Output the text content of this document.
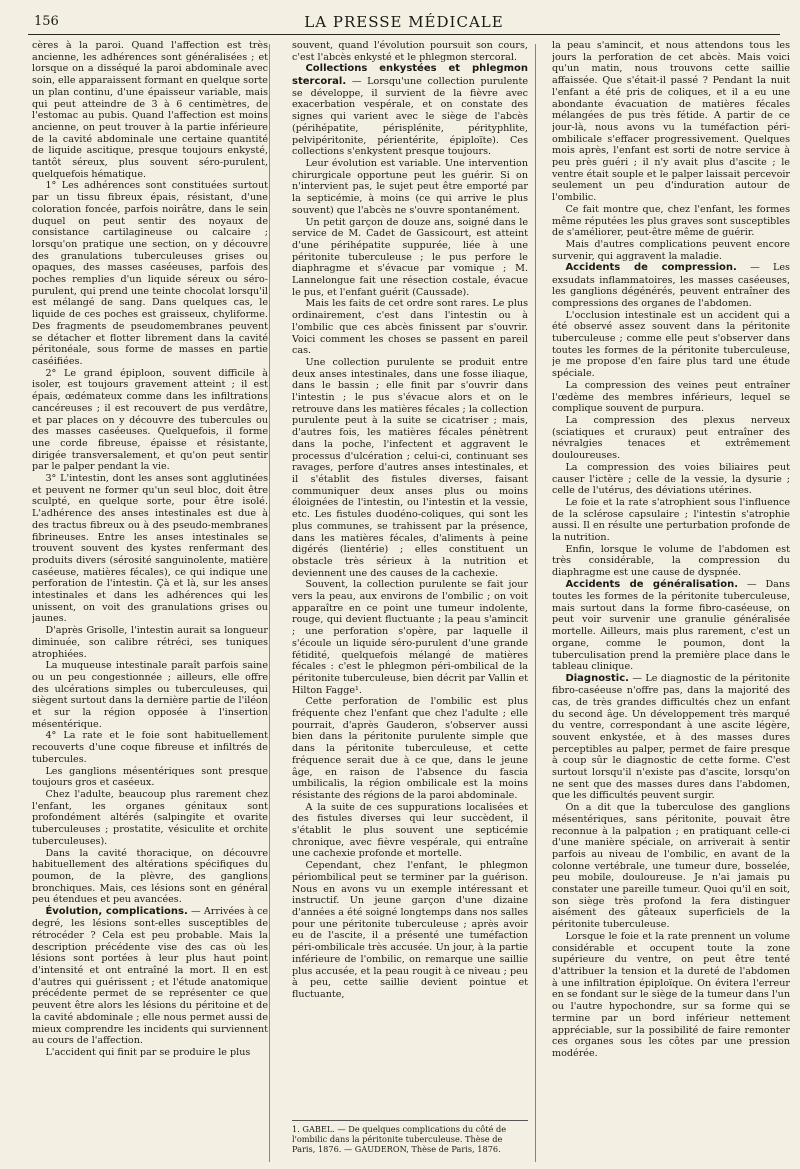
156	LA PRESSE MÉDICALE

cères à la paroi. Quand l'affection est très ancienne, les adhérences sont généralisées ; et lorsque on a disséqué la paroi abdominale avec soin, elle apparaissent formant en quelque sorte un plan continu, d'une épaisseur variable, mais qui peut atteindre de 3 à 6 centimètres, de l'estomac au pubis. Quand l'affection est moins ancienne, on peut trouver à la partie inférieure de la cavité abdominale une certaine quantité de liquide ascitique, presque toujours enkysté, tantôt séreux, plus souvent séro-purulent, quelquefois hématique.

1° Les adhérences sont constituées surtout par un tissu fibreux épais, résistant, d'une coloration foncée, parfois noirâtre, dans le sein duquel on peut sentir des noyaux de consistance cartilagineuse ou calcaire ; lorsqu'on pratique une section, on y découvre des granulations tuberculeuses grises ou opaques, des masses caséeuses, parfois des poches remplies d'un liquide séreux ou séro-purulent, qui prend une teinte chocolat lorsqu'il est mélangé de sang. Dans quelques cas, le liquide de ces poches est graisseux, chyliforme. Des fragments de pseudomembranes peuvent se détacher et flotter librement dans la cavité péritonéale, sous forme de masses en partie caséifiées.

2° Le grand épiploon, souvent difficile à isoler, est toujours gravement atteint ; il est épais, œdémateux comme dans les infiltrations cancéreuses ; il est recouvert de pus verdâtre, et par places on y découvre des tubercules ou des masses caséeuses. Quelquefois, il forme une corde fibreuse, épaisse et résistante, dirigée transversalement, et qu'on peut sentir par le palper pendant la vie.

3° L'intestin, dont les anses sont agglutinées et peuvent ne former qu'un seul bloc, doit être sculpté, en quelque sorte, pour être isolé. L'adhérence des anses intestinales est due à des tractus fibreux ou à des pseudo-membranes fibrineuses. Entre les anses intestinales se trouvent souvent des kystes renfermant des produits divers (sérosité sanguinolente, matière caséeuse, matières fécales), ce qui indique une perforation de l'intestin. Çà et là, sur les anses intestinales et dans les adhérences qui les unissent, on voit des granulations grises ou jaunes.

D'après Grisolle, l'intestin aurait sa longueur diminuée, son calibre rétréci, ses tuniques atrophiées.

La muqueuse intestinale paraît parfois saine ou un peu congestionnée ; ailleurs, elle offre des ulcérations simples ou tuberculeuses, qui siègent surtout dans la dernière partie de l'iléon et sur la région opposée à l'insertion mésentérique.

4° La rate et le foie sont habituellement recouverts d'une coque fibreuse et infiltrés de tubercules.

Les ganglions mésentériques sont presque toujours gros et caséeux.

Chez l'adulte, beaucoup plus rarement chez l'enfant, les organes génitaux sont profondément altérés (salpingite et ovarite tuberculeuses ; prostatite, vésiculite et orchite tuberculeuses).

Dans la cavité thoracique, on découvre habituellement des altérations spécifiques du poumon, de la plèvre, des ganglions bronchiques. Mais, ces lésions sont en général peu étendues et peu avancées.

Évolution, complications. — Arrivées à ce degré, les lésions sont-elles susceptibles de rétrocéder ? Cela est peu probable. Mais la description précédente vise des cas où les lésions sont portées à leur plus haut point d'intensité et ont entraîné la mort. Il en est d'autres qui guérissent ; et l'étude anatomique précédente permet de se représenter ce que peuvent être alors les lésions du péritoine et de la cavité abdominale ; elle nous permet aussi de mieux comprendre les incidents qui surviennent au cours de l'affection.

L'accident qui finit par se produire le plus

souvent, quand l'évolution poursuit son cours, c'est l'abcès enkysté et le phlegmon stercoral.

Collections enkystées et phlegmon stercoral. — Lorsqu'une collection purulente se développe, il survient de la fièvre avec exacerbation vespérale, et on constate des signes qui varient avec le siège de l'abcès (périhépatite, périsplénite, pérityphlite, pelvipéritonite, périentérite, épiploïte). Ces collections s'enkystent presque toujours.

Leur évolution est variable. Une intervention chirurgicale opportune peut les guérir. Si on n'intervient pas, le sujet peut être emporté par la septicémie, à moins (ce qui arrive le plus souvent) que l'abcès ne s'ouvre spontanément.

Un petit garçon de douze ans, soigné dans le service de M. Cadet de Gassicourt, est atteint d'une périhépatite suppurée, liée à une péritonite tuberculeuse ; le pus perfore le diaphragme et s'évacue par vomique ; M. Lannelongue fait une résection costale, évacue le pus, et l'enfant guérit (Caussade).

Mais les faits de cet ordre sont rares. Le plus ordinairement, c'est dans l'intestin ou à l'ombilic que ces abcès finissent par s'ouvrir. Voici comment les choses se passent en pareil cas.

Une collection purulente se produit entre deux anses intestinales, dans une fosse iliaque, dans le bassin ; elle finit par s'ouvrir dans l'intestin ; le pus s'évacue alors et on le retrouve dans les matières fécales ; la collection purulente peut à la suite se cicatriser ; mais, d'autres fois, les matières fécales pénètrent dans la poche, l'infectent et aggravent le processus d'ulcération ; celui-ci, continuant ses ravages, perfore d'autres anses intestinales, et il s'établit des fistules diverses, faisant communiquer deux anses plus ou moins éloignées de l'intestin, ou l'intestin et la vessie, etc. Les fistules duodéno-coliques, qui sont les plus communes, se trahissent par la présence, dans les matières fécales, d'aliments à peine digérés (lientérie) ; elles constituent un obstacle très sérieux à la nutrition et deviennent une des causes de la cachexie.

Souvent, la collection purulente se fait jour vers la peau, aux environs de l'ombilic ; on voit apparaître en ce point une tumeur indolente, rouge, qui devient fluctuante ; la peau s'amincit ; une perforation s'opère, par laquelle il s'écoule un liquide séro-purulent d'une grande fétidité, quelquefois mélangé de matières fécales : c'est le phlegmon péri-ombilical de la péritonite tuberculeuse, bien décrit par Vallin et Hilton Fagge¹.

Cette perforation de l'ombilic est plus fréquente chez l'enfant que chez l'adulte ; elle pourrait, d'après Gauderon, s'observer aussi bien dans la péritonite purulente simple que dans la péritonite tuberculeuse, et cette fréquence serait due à ce que, dans le jeune âge, en raison de l'absence du fascia umbilicalis, la région ombilicale est la moins résistante des régions de la paroi abdominale.

A la suite de ces suppurations localisées et des fistules diverses qui leur succèdent, il s'établit le plus souvent une septicémie chronique, avec fièvre vespérale, qui entraîne une cachexie profonde et mortelle.

Cependant, chez l'enfant, le phlegmon périombilical peut se terminer par la guérison. Nous en avons vu un exemple intéressant et instructif. Un jeune garçon d'une dizaine d'années a été soigné longtemps dans nos salles pour une péritonite tuberculeuse ; après avoir eu de l'ascite, il a présenté une tuméfaction péri-ombilicale très accusée. Un jour, à la partie inférieure de l'ombilic, on remarque une saillie plus accusée, et la peau rougit à ce niveau ; peu à peu, cette saillie devient pointue et fluctuante,

la peau s'amincit, et nous attendons tous les jours la perforation de cet abcès. Mais voici qu'un matin, nous trouvons cette saillie affaissée. Que s'était-il passé ? Pendant la nuit l'enfant a été pris de coliques, et il a eu une abondante évacuation de matières fécales mélangées de pus très fétide. A partir de ce jour-là, nous avons vu la tuméfaction péri-ombilicale s'effacer progressivement. Quelques mois après, l'enfant est sorti de notre service à peu près guéri ; il n'y avait plus d'ascite ; le ventre était souple et le palper laissait percevoir seulement un peu d'induration autour de l'ombilic.

Ce fait montre que, chez l'enfant, les formes même réputées les plus graves sont susceptibles de s'améliorer, peut-être même de guérir.

Mais d'autres complications peuvent encore survenir, qui aggravent la maladie.

Accidents de compression. — Les exsudats inflammatoires, les masses caséeuses, les ganglions dégénérés, peuvent entraîner des compressions des organes de l'abdomen.

L'occlusion intestinale est un accident qui a été observé assez souvent dans la péritonite tuberculeuse ; comme elle peut s'observer dans toutes les formes de la péritonite tuberculeuse, je me propose d'en faire plus tard une étude spéciale.

La compression des veines peut entraîner l'œdème des membres inférieurs, lequel se complique souvent de purpura.

La compression des plexus nerveux (sciatiques et cruraux) peut entraîner des névralgies tenaces et extrêmement douloureuses.

La compression des voies biliaires peut causer l'ictère ; celle de la vessie, la dysurie ; celle de l'utérus, des déviations utérines.

Le foie et la rate s'atrophient sous l'influence de la sclérose capsulaire ; l'intestin s'atrophie aussi. Il en résulte une perturbation profonde de la nutrition.

Enfin, lorsque le volume de l'abdomen est très considérable, la compression du diaphragme est une cause de dyspnée.

Accidents de généralisation. — Dans toutes les formes de la péritonite tuberculeuse, mais surtout dans la forme fibro-caséeuse, on peut voir survenir une granulie généralisée mortelle. Ailleurs, mais plus rarement, c'est un organe, comme le poumon, dont la tuberculisation prend la première place dans le tableau clinique.

Diagnostic. — Le diagnostic de la péritonite fibro-caséeuse n'offre pas, dans la majorité des cas, de très grandes difficultés chez un enfant du second âge. Un développement très marqué du ventre, correspondant à une ascite légère, souvent enkystée, et à des masses dures perceptibles au palper, permet de faire presque à coup sûr le diagnostic de cette forme. C'est surtout lorsqu'il n'existe pas d'ascite, lorsqu'on ne sent que des masses dures dans l'abdomen, que les difficultés peuvent surgir.

On a dit que la tuberculose des ganglions mésentériques, sans péritonite, pouvait être reconnue à la palpation ; en pratiquant celle-ci d'une manière spéciale, on arriverait à sentir parfois au niveau de l'ombilic, en avant de la colonne vertébrale, une tumeur dure, bosselée, peu mobile, douloureuse. Je n'ai jamais pu constater une pareille tumeur. Quoi qu'il en soit, son siège très profond la fera distinguer aisément des gâteaux superficiels de la péritonite tuberculeuse.

Lorsque le foie et la rate prennent un volume considérable et occupent toute la zone supérieure du ventre, on peut être tenté d'attribuer la tension et la dureté de l'abdomen à une infiltration épiploïque. On évitera l'erreur en se fondant sur le siège de la tumeur dans l'un ou l'autre hypochondre, sur sa forme qui se termine par un bord inférieur nettement appréciable, sur la possibilité de faire remonter ces organes sous les côtes par une pression modérée.

1. GABEL. — De quelques complications du côté de l'ombilic dans la péritonite tuberculeuse. Thèse de Paris, 1876. — GAUDERON, Thèse de Paris, 1876.
